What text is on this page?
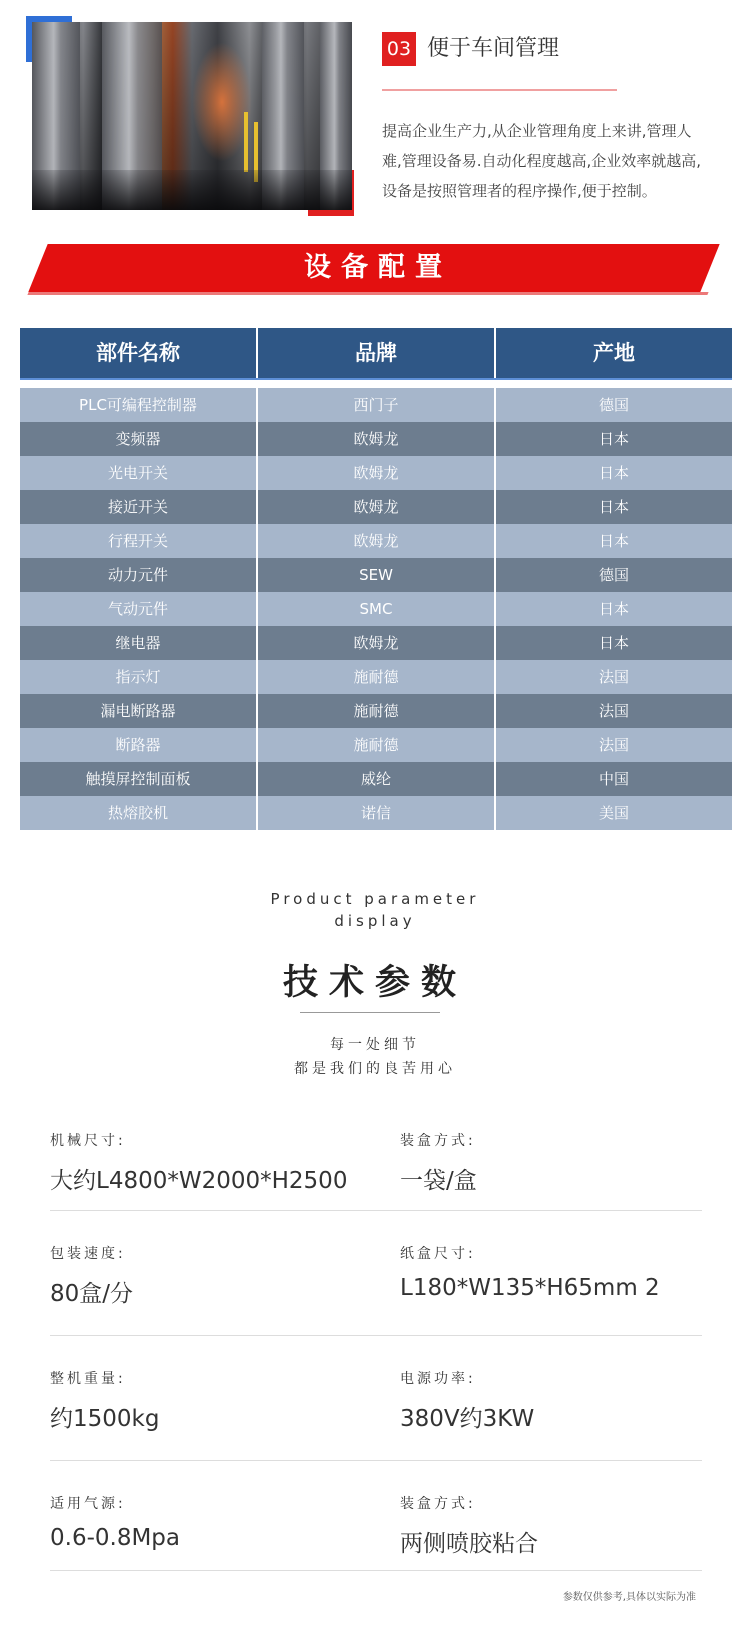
03 便于车间管理
提高企业生产力,从企业管理角度上来讲,管理人
难,管理设备易.自动化程度越高,企业效率就越高,
设备是按照管理者的程序操作,便于控制。
设备配置
部件名称	品牌	产地
PLC可编程控制器	西门子	德国
变频器	欧姆龙	日本
光电开关	欧姆龙	日本
接近开关	欧姆龙	日本
行程开关	欧姆龙	日本
动力元件	SEW	德国
气动元件	SMC	日本
继电器	欧姆龙	日本
指示灯	施耐德	法国
漏电断路器	施耐德	法国
断路器	施耐德	法国
触摸屏控制面板	威纶	中国
热熔胶机	诺信	美国
Product parameter
display
技术参数
每一处细节
都是我们的良苦用心
机械尺寸:
大约L4800*W2000*H2500
装盒方式:
一袋/盒
包装速度:
80盒/分
纸盒尺寸:
L180*W135*H65mm 2
整机重量:
约1500kg
电源功率:
380V约3KW
适用气源:
0.6-0.8Mpa
装盒方式:
两侧喷胶粘合
参数仅供参考,具体以实际为准
